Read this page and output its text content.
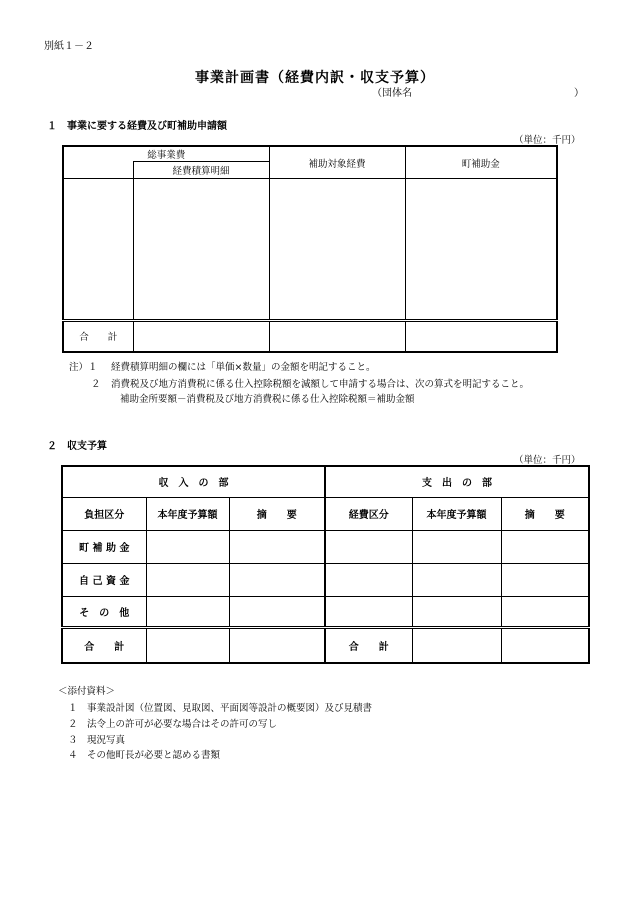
別紙１－２
事業計画書（経費内訳・収支予算）
（団体名	）
１　事業に要する経費及び町補助申請額
（単位：千円）
総事業費		補助対象経費	町補助金
	経費積算明細		

合　　計			
注）１ 経費積算明細の欄には「単価×数量」の金額を明記すること。
２ 消費税及び地方消費税に係る仕入控除税額を減額して申請する場合は、次の算式を明記すること。
補助金所要額－消費税及び地方消費税に係る仕入控除税額＝補助金額
２　収支予算
（単位：千円）
収　入　の　部			支　出　の　部		
負担区分	本年度予算額	摘　　要	経費区分	本年度予算額	摘　　要
町 補 助 金					
自 己 資 金					
そ　の　他					
合　　計			合　　計		
＜添付資料＞
１　事業設計図（位置図、見取図、平面図等設計の概要図）及び見積書
２　法令上の許可が必要な場合はその許可の写し
３　現況写真
４　その他町長が必要と認める書類
